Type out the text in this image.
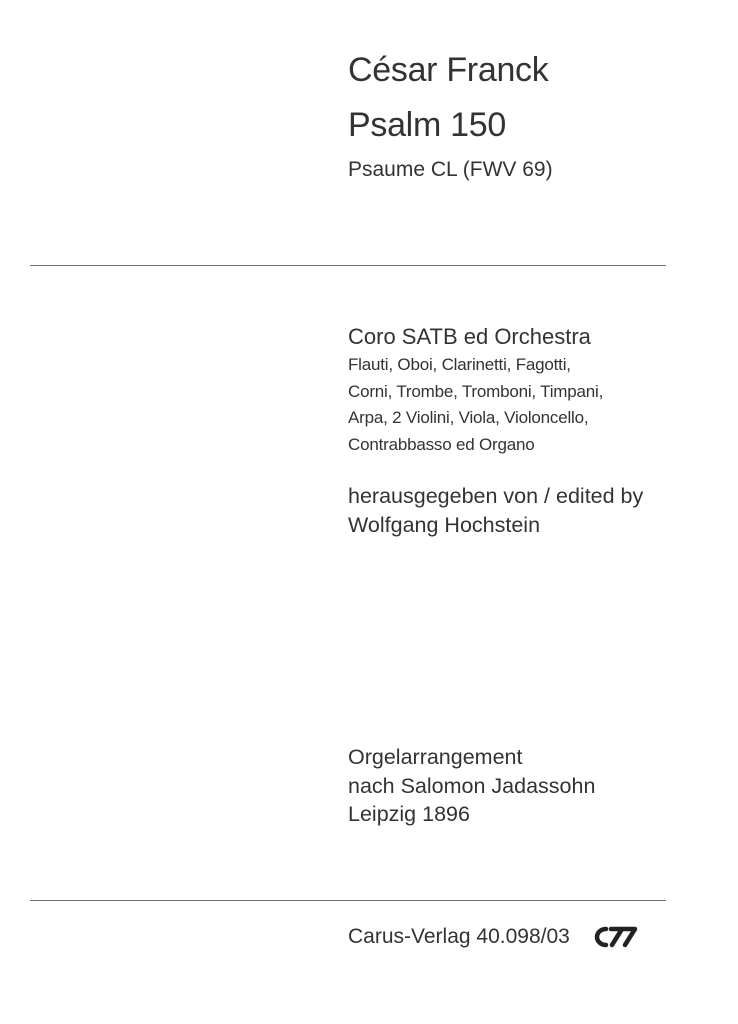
César Franck
Psalm 150
Psaume CL (FWV 69)
Coro SATB ed Orchestra
Flauti, Oboi, Clarinetti, Fagotti,
Corni, Trombe, Tromboni, Timpani,
Arpa, 2 Violini, Viola, Violoncello,
Contrabbasso ed Organo
herausgegeben von / edited by
Wolfgang Hochstein
Orgelarrangement
nach Salomon Jadassohn
Leipzig 1896
Carus-Verlag 40.098/03
